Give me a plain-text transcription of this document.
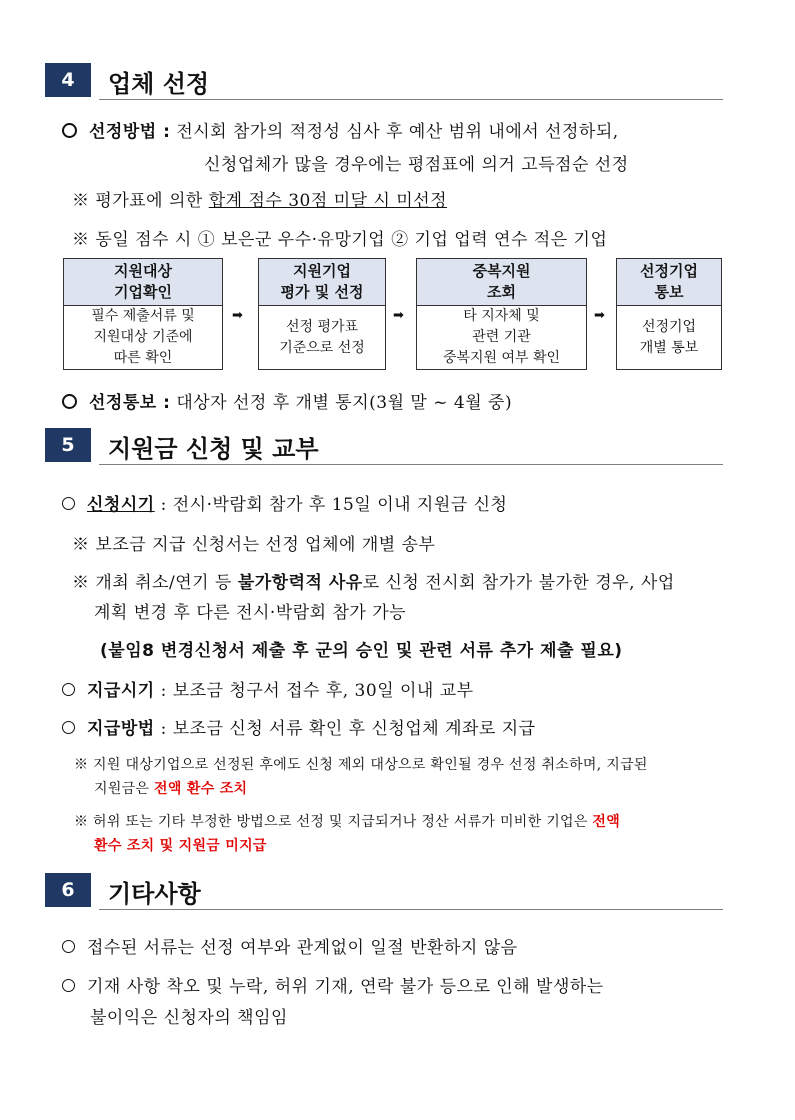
4	업체 선정
선정방법 : 전시회 참가의 적정성 심사 후 예산 범위 내에서 선정하되,
신청업체가 많을 경우에는 평점표에 의거 고득점순 선정
※ 평가표에 의한 합계 점수 30점 미달 시 미선정
※ 동일 점수 시 ① 보은군 우수·유망기업 ② 기업 업력 연수 적은 기업
지원대상
기업확인
필수 제출서류 및
지원대상 기준에
따른 확인
➡
지원기업
평가 및 선정
선정 평가표
기준으로 선정
➡
중복지원
조회
타 지자체 및
관련 기관
중복지원 여부 확인
➡
선정기업
통보
선정기업
개별 통보
선정통보 : 대상자 선정 후 개별 통지(3월 말 ~ 4월 중)
5	지원금 신청 및 교부
신청시기 : 전시·박람회 참가 후 15일 이내 지원금 신청
※ 보조금 지급 신청서는 선정 업체에 개별 송부
※ 개최 취소/연기 등 불가항력적 사유로 신청 전시회 참가가 불가한 경우, 사업
계획 변경 후 다른 전시·박람회 참가 가능
(붙임8 변경신청서 제출 후 군의 승인 및 관련 서류 추가 제출 필요)
지급시기 : 보조금 청구서 접수 후, 30일 이내 교부
지급방법 : 보조금 신청 서류 확인 후 신청업체 계좌로 지급
※ 지원 대상기업으로 선정된 후에도 신청 제외 대상으로 확인될 경우 선정 취소하며, 지급된
지원금은 전액 환수 조치
※ 허위 또는 기타 부정한 방법으로 선정 및 지급되거나 정산 서류가 미비한 기업은 전액
환수 조치 및 지원금 미지급
6	기타사항
접수된 서류는 선정 여부와 관계없이 일절 반환하지 않음
기재 사항 착오 및 누락, 허위 기재, 연락 불가 등으로 인해 발생하는
불이익은 신청자의 책임임
